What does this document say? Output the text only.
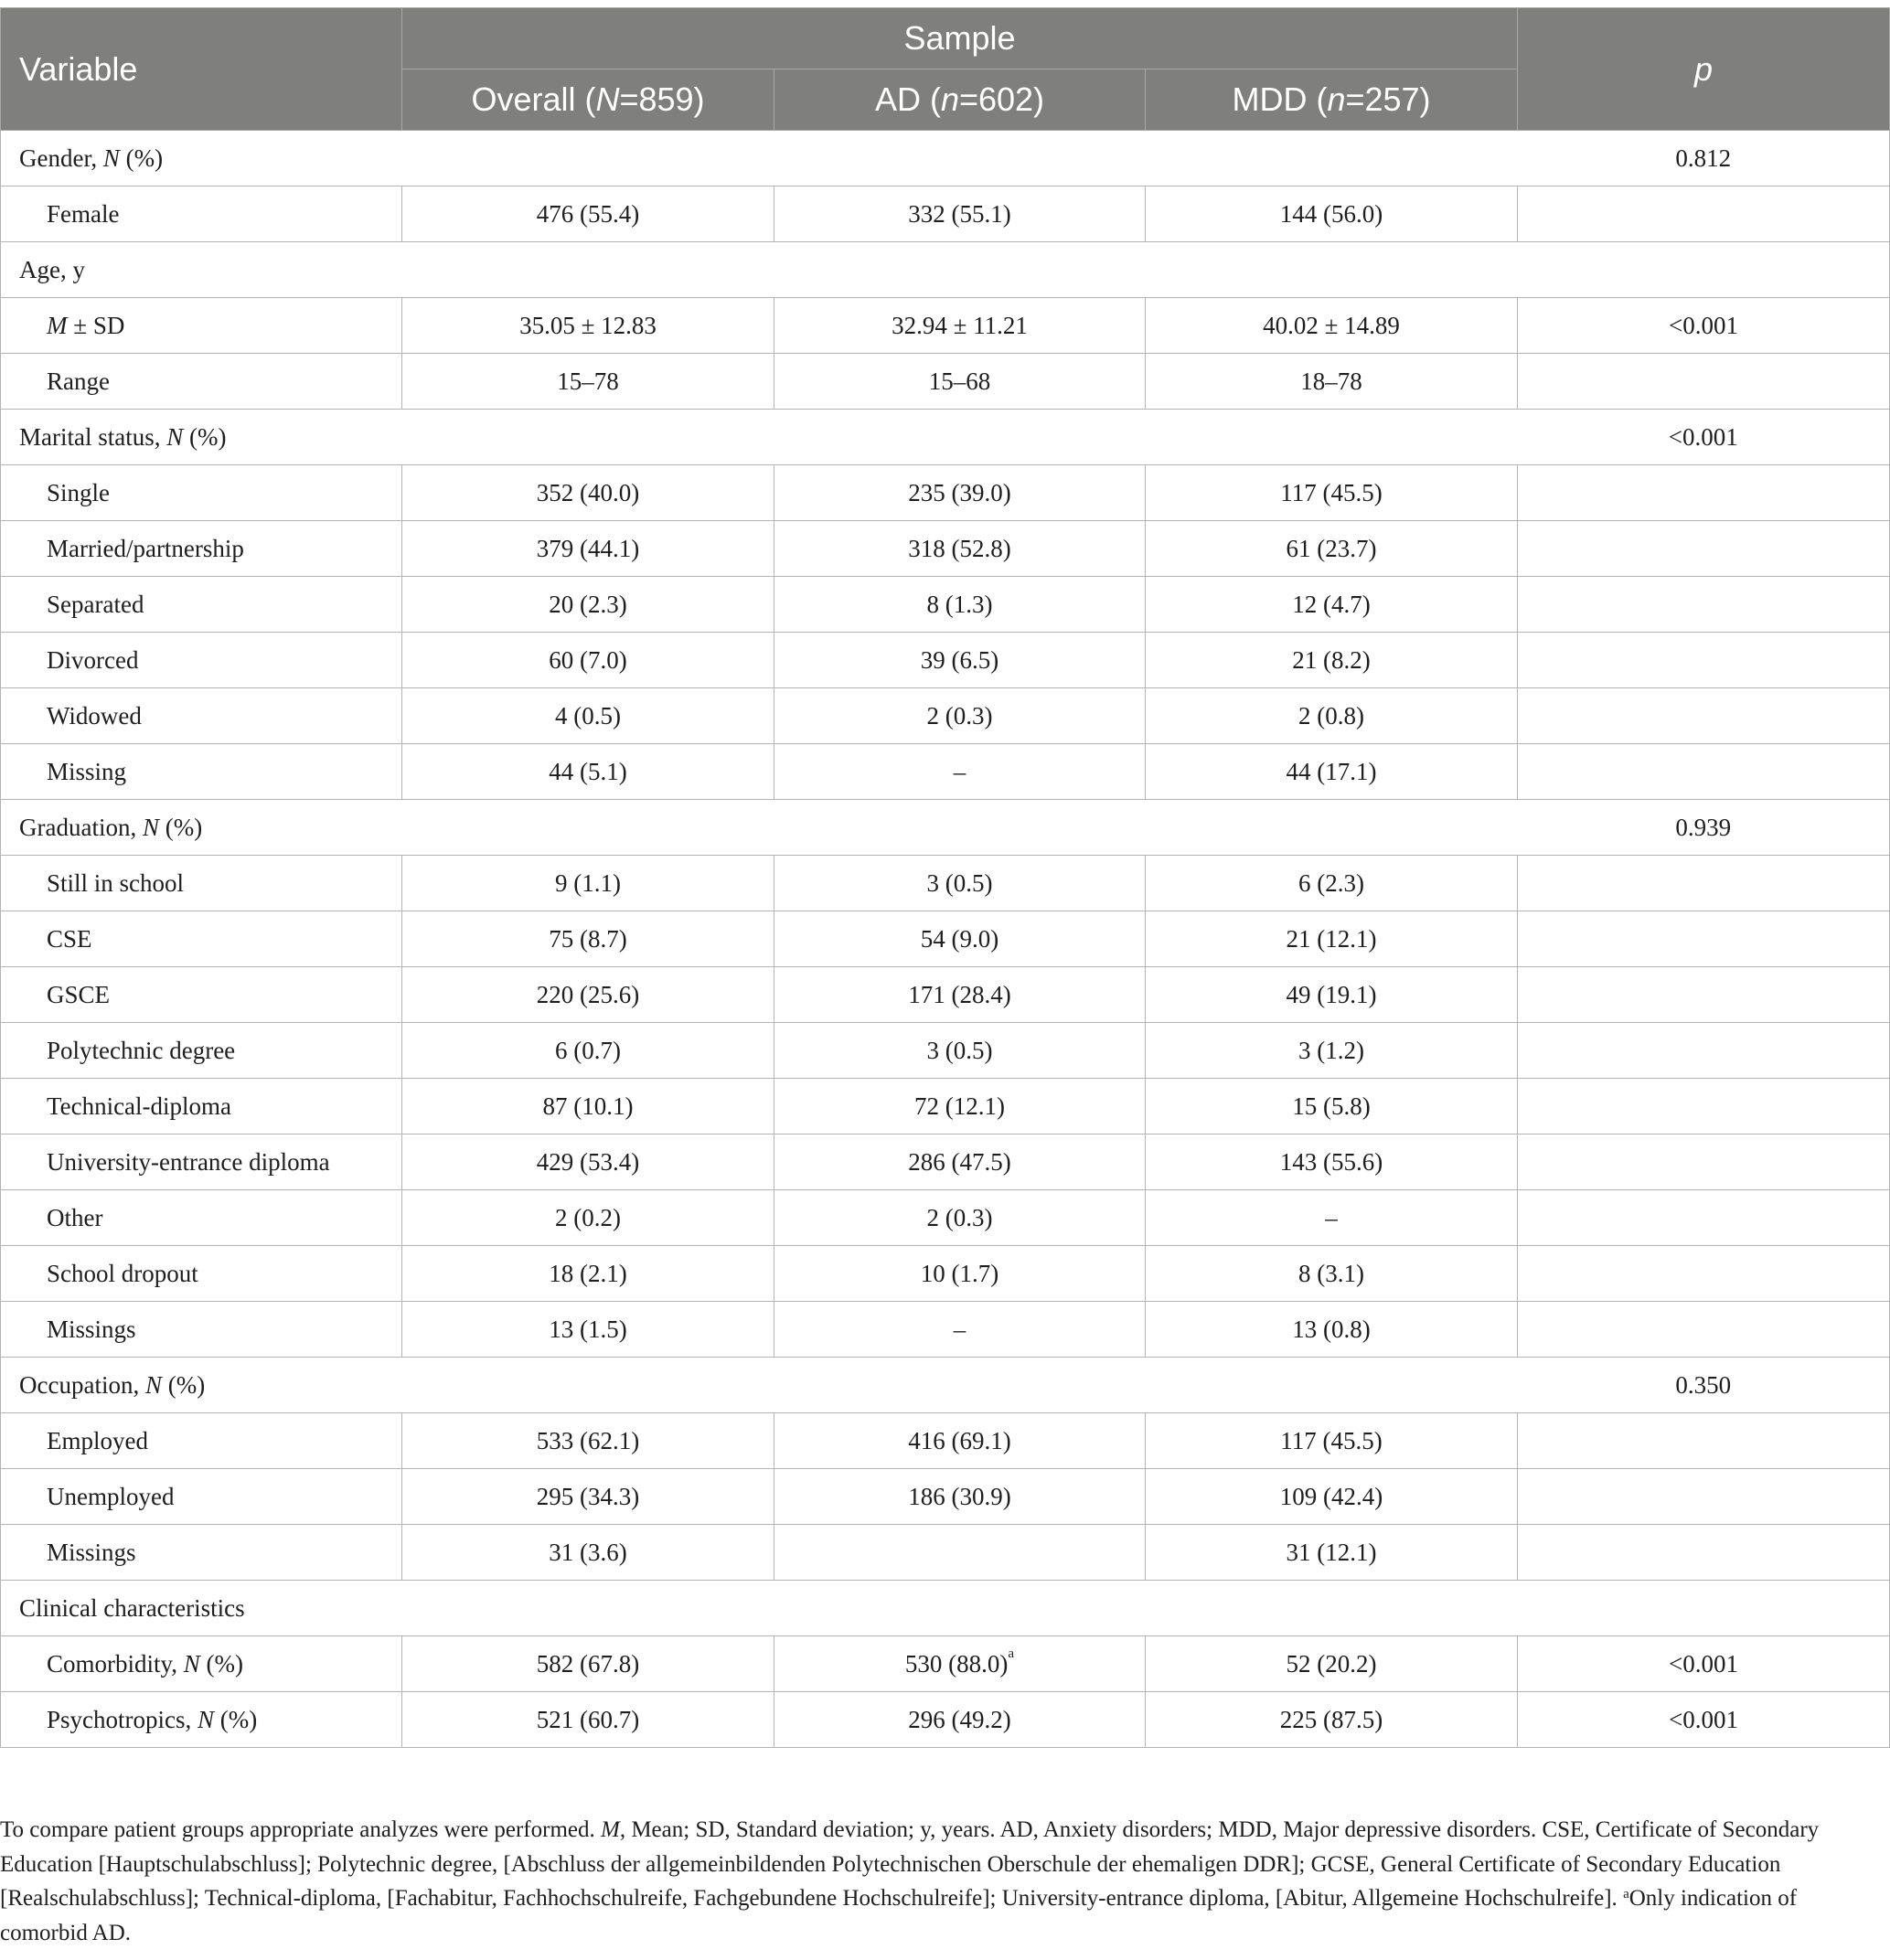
Variable	Sample			p
	Overall (N=859)	AD (n=602)	MDD (n=257)	
Gender, N (%)				0.812
Female	476 (55.4)	332 (55.1)	144 (56.0)	
Age, y				
M ± SD	35.05 ± 12.83	32.94 ± 11.21	40.02 ± 14.89	<0.001
Range	15–78	15–68	18–78	
Marital status, N (%)				<0.001
Single	352 (40.0)	235 (39.0)	117 (45.5)	
Married/partnership	379 (44.1)	318 (52.8)	61 (23.7)	
Separated	20 (2.3)	8 (1.3)	12 (4.7)	
Divorced	60 (7.0)	39 (6.5)	21 (8.2)	
Widowed	4 (0.5)	2 (0.3)	2 (0.8)	
Missing	44 (5.1)	–	44 (17.1)	
Graduation, N (%)				0.939
Still in school	9 (1.1)	3 (0.5)	6 (2.3)	
CSE	75 (8.7)	54 (9.0)	21 (12.1)	
GSCE	220 (25.6)	171 (28.4)	49 (19.1)	
Polytechnic degree	6 (0.7)	3 (0.5)	3 (1.2)	
Technical-diploma	87 (10.1)	72 (12.1)	15 (5.8)	
University-entrance diploma	429 (53.4)	286 (47.5)	143 (55.6)	
Other	2 (0.2)	2 (0.3)	–	
School dropout	18 (2.1)	10 (1.7)	8 (3.1)	
Missings	13 (1.5)	–	13 (0.8)	
Occupation, N (%)				0.350
Employed	533 (62.1)	416 (69.1)	117 (45.5)	
Unemployed	295 (34.3)	186 (30.9)	109 (42.4)	
Missings	31 (3.6)		31 (12.1)	
Clinical characteristics				
Comorbidity, N (%)	582 (67.8)	530 $(88.0)^a$	52 (20.2)	<0.001
Psychotropics, N (%)	521 (60.7)	296 (49.2)	225 (87.5)	<0.001
To compare patient groups appropriate analyzes were performed. M, Mean; SD, Standard deviation; y, years. AD, Anxiety disorders; MDD, Major depressive disorders. CSE, Certificate of Secondary Education [Hauptschulabschluss]; Polytechnic degree, [Abschluss der allgemeinbildenden Polytechnischen Oberschule der ehemaligen DDR]; GCSE, General Certificate of Secondary Education [Realschulabschluss]; Technical-diploma, [Fachabitur, Fachhochschulreife, Fachgebundene Hochschulreife]; University-entrance diploma, [Abitur, Allgemeine Hochschulreife]. $^a$Only indication of comorbid AD.
